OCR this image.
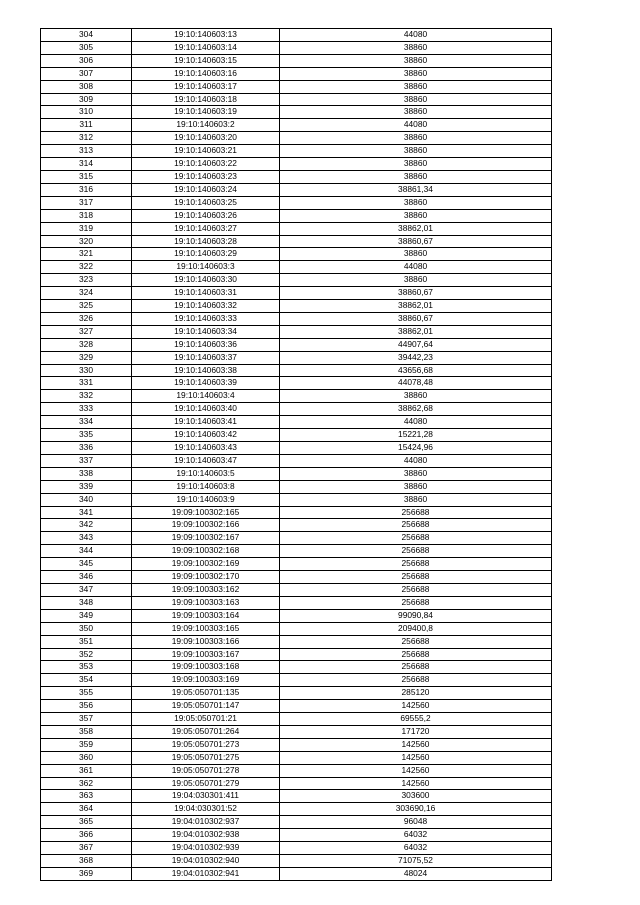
304	19:10:140603:13	44080
305	19:10:140603:14	38860
306	19:10:140603:15	38860
307	19:10:140603:16	38860
308	19:10:140603:17	38860
309	19:10:140603:18	38860
310	19:10:140603:19	38860
311	19:10:140603:2	44080
312	19:10:140603:20	38860
313	19:10:140603:21	38860
314	19:10:140603:22	38860
315	19:10:140603:23	38860
316	19:10:140603:24	38861,34
317	19:10:140603:25	38860
318	19:10:140603:26	38860
319	19:10:140603:27	38862,01
320	19:10:140603:28	38860,67
321	19:10:140603:29	38860
322	19:10:140603:3	44080
323	19:10:140603:30	38860
324	19:10:140603:31	38860,67
325	19:10:140603:32	38862,01
326	19:10:140603:33	38860,67
327	19:10:140603:34	38862,01
328	19:10:140603:36	44907,64
329	19:10:140603:37	39442,23
330	19:10:140603:38	43656,68
331	19:10:140603:39	44078,48
332	19:10:140603:4	38860
333	19:10:140603:40	38862,68
334	19:10:140603:41	44080
335	19:10:140603:42	15221,28
336	19:10:140603:43	15424,96
337	19:10:140603:47	44080
338	19:10:140603:5	38860
339	19:10:140603:8	38860
340	19:10:140603:9	38860
341	19:09:100302:165	256688
342	19:09:100302:166	256688
343	19:09:100302:167	256688
344	19:09:100302:168	256688
345	19:09:100302:169	256688
346	19:09:100302:170	256688
347	19:09:100303:162	256688
348	19:09:100303:163	256688
349	19:09:100303:164	99090,84
350	19:09:100303:165	209400,8
351	19:09:100303:166	256688
352	19:09:100303:167	256688
353	19:09:100303:168	256688
354	19:09:100303:169	256688
355	19:05:050701:135	285120
356	19:05:050701:147	142560
357	19:05:050701:21	69555,2
358	19:05:050701:264	171720
359	19:05:050701:273	142560
360	19:05:050701:275	142560
361	19:05:050701:278	142560
362	19:05:050701:279	142560
363	19:04:030301:411	303600
364	19:04:030301:52	303690,16
365	19:04:010302:937	96048
366	19:04:010302:938	64032
367	19:04:010302:939	64032
368	19:04:010302:940	71075,52
369	19:04:010302:941	48024
